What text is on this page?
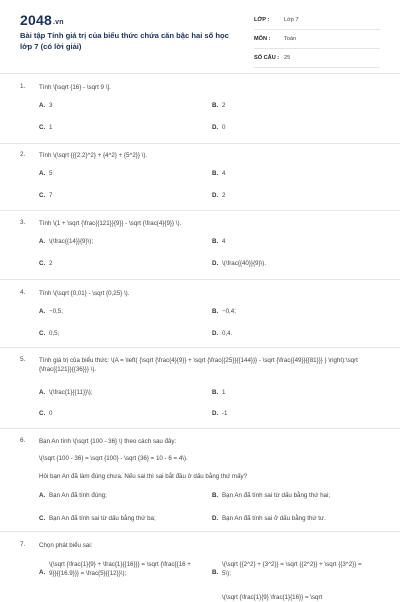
2048.vn
Bài tập Tính giá trị của biểu thức chứa căn bậc hai số học lớp 7 (có lời giải)
LỚP :	Lớp 7
MÔN : Toán
SỐ CÂU : 25
1. Tính \[\sqrt {16} - \sqrt 9 \].
A. 3	B. 2
C. 1	D. 0
2. Tính \(\sqrt {{{2.2}^2} + {4^2} + {5^2}} \).
A. 5	B. 4
C. 7	D. 2
3. Tính \(1 + \sqrt {\frac{{121}}{9}} - \sqrt {\frac{4}{9}} \).
A. \(\frac{{14}}{9}\);	B. 4
C. 2	D. \(\frac{{40}}{9}\).
4. Tính \(\sqrt {0,01} - \sqrt {0,25} \).
A. −0,5;	B. −0,4;
C. 0,5;	D. 0,4.
5. Tính giá trị của biểu thức: \(A = \left( {\sqrt {\frac{4}{9}} + \sqrt {\frac{{25}}{{144}}} - \sqrt {\frac{{49}}{{81}}} } \right):\sqrt {\frac{{121}}{{36}}} \).
A. \(\frac{1}{{11}}\);	B. 1
C. 0	D. -1
6. Bạn An tính \(\sqrt {100 - 36} \) theo cách sau đây:
\(\sqrt {100 - 36} = \sqrt {100} - \sqrt {36} = 10 - 6 = 4\).
Hỏi bạn An đã làm đúng chưa. Nếu sai thì sai bắt đầu ở dấu bằng thứ mấy?
A. Bạn An đã tính đúng;	B. Bạn An đã tính sai từ dấu bằng thứ hai;
C. Bạn An đã tính sai từ dấu bằng thứ ba;	D. Bạn An đã tính sai ở dấu bằng thứ tư.
7. Chọn phát biểu sai:
A.
\(\sqrt {\frac{1}{9} + \frac{1}{{16}}} = \sqrt {\frac{{16 + 9}}{{16.9}}} = \frac{5}{{12}}\);	B.
\(\sqrt {{2^2} + {3^2}} = \sqrt {{2^2}} + \sqrt {{3^2}} = 5\);
\(\sqrt {\frac{1}{9} \frac{1}{16}} = \sqrt
